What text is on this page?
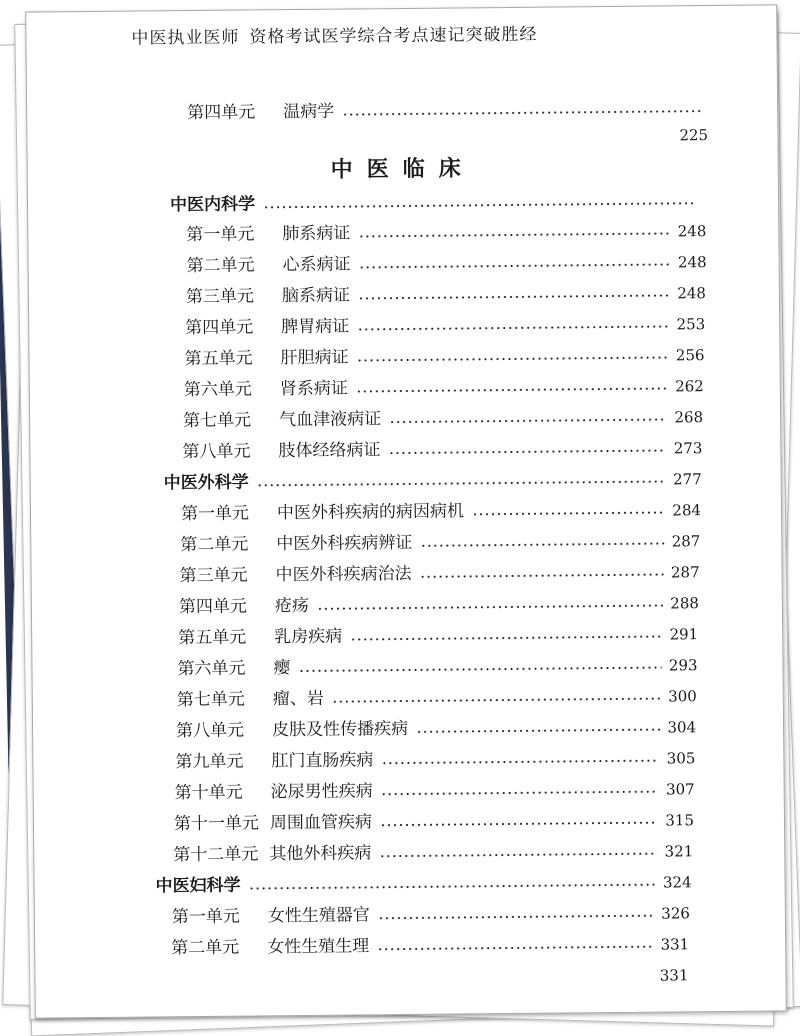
中医执业医师 资格考试医学综合考点速记突破胜经
第四单元	温病学
225
中医临床
中医内科学
第一单元	肺系病证	248
第二单元	心系病证	248
第三单元	脑系病证	248
第四单元	脾胃病证	253
第五单元	肝胆病证	256
第六单元	肾系病证	262
第七单元	气血津液病证	268
第八单元	肢体经络病证	273
中医外科学	277
第一单元	中医外科疾病的病因病机	284
第二单元	中医外科疾病辨证	287
第三单元	中医外科疾病治法	287
第四单元	疮疡	288
第五单元	乳房疾病	291
第六单元	瘿	293
第七单元	瘤、岩	300
第八单元	皮肤及性传播疾病	304
第九单元	肛门直肠疾病	305
第十单元	泌尿男性疾病	307
第十一单元 周围血管疾病	315
第十二单元 其他外科疾病	321
中医妇科学	324
第一单元	女性生殖器官	326
第二单元	女性生殖生理	331
331
